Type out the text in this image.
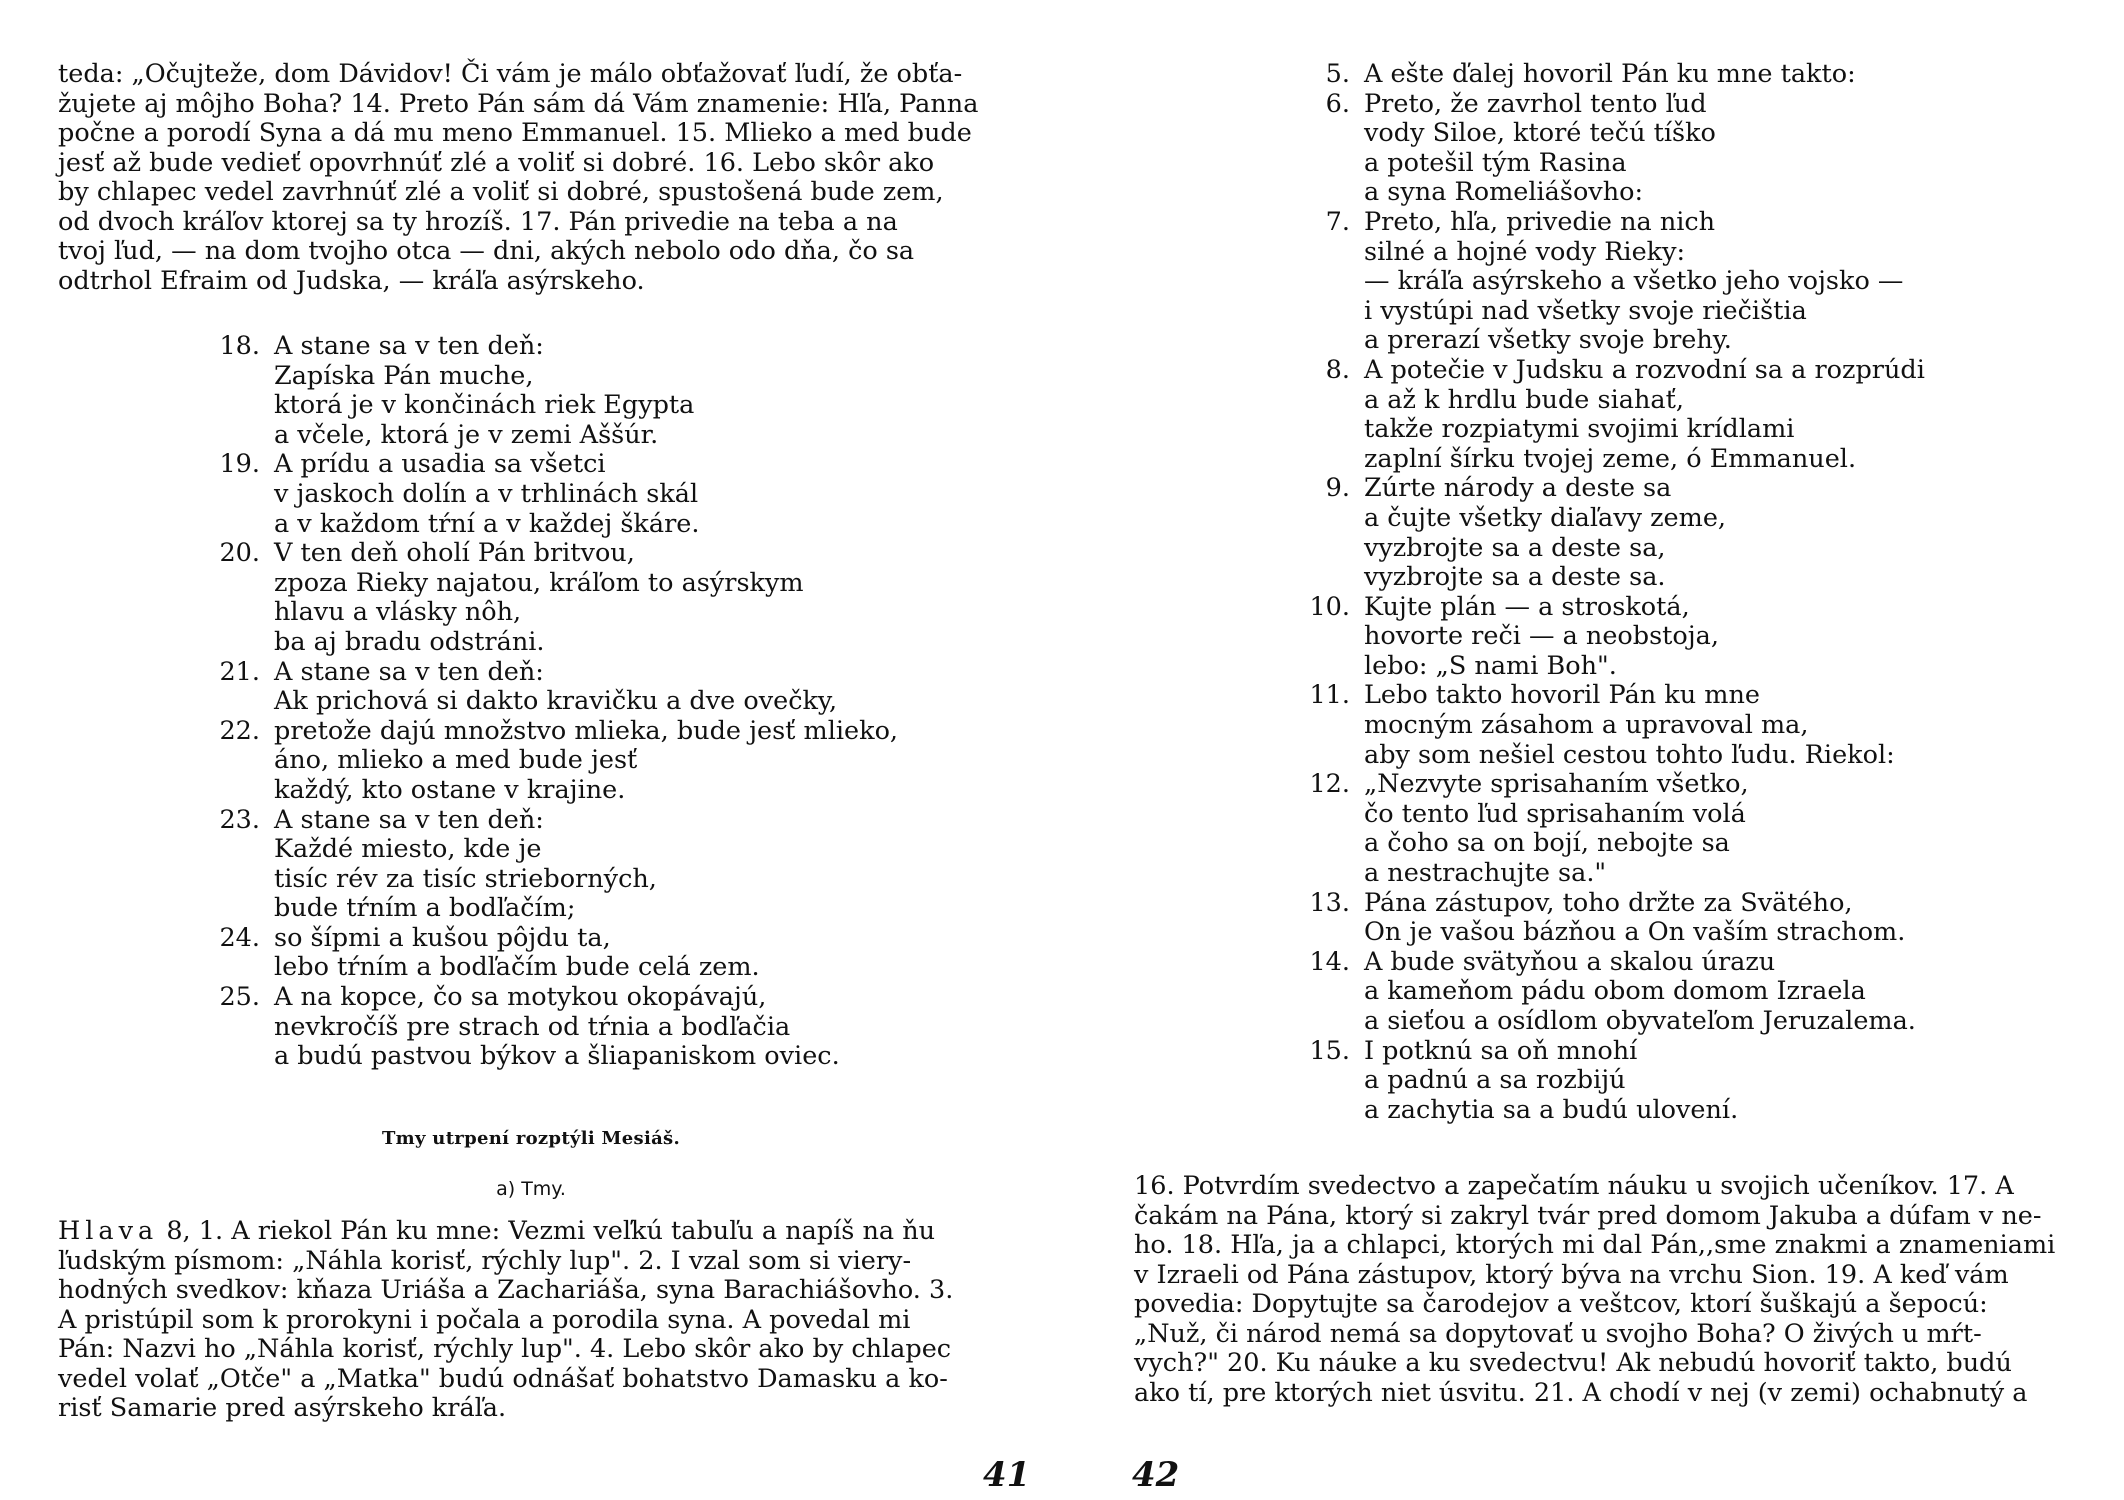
teda: „Očujteže, dom Dávidov! Či vám je málo obťažovať ľudí, že obťa-
žujete aj môjho Boha? 14. Preto Pán sám dá Vám znamenie: Hľa, Panna
počne a porodí Syna a dá mu meno Emmanuel. 15. Mlieko a med bude
jesť až bude vedieť opovrhnúť zlé a voliť si dobré. 16. Lebo skôr ako
by chlapec vedel zavrhnúť zlé a voliť si dobré, spustošená bude zem,
od dvoch kráľov ktorej sa ty hrozíš. 17. Pán privedie na teba a na
tvoj ľud, — na dom tvojho otca — dni, akých nebolo odo dňa, čo sa
odtrhol Efraim od Judska, — kráľa asýrskeho.
18. A stane sa v ten deň:
Zapíska Pán muche,
ktorá je v končinách riek Egypta
a včele, ktorá je v zemi Aššúr.
19. A prídu a usadia sa všetci
v jaskoch dolín a v trhlinách skál
a v každom tŕní a v každej škáre.
20. V ten deň oholí Pán britvou,
zpoza Rieky najatou, kráľom to asýrskym
hlavu a vlásky nôh,
ba aj bradu odstráni.
21. A stane sa v ten deň:
Ak prichová si dakto kravičku a dve ovečky,
22. pretože dajú množstvo mlieka, bude jesť mlieko,
áno, mlieko a med bude jesť
každý, kto ostane v krajine.
23. A stane sa v ten deň:
Každé miesto, kde je
tisíc rév za tisíc strieborných,
bude tŕním a bodľačím;
24. so šípmi a kušou pôjdu ta,
lebo tŕním a bodľačím bude celá zem.
25. A na kopce, čo sa motykou okopávajú,
nevkročíš pre strach od tŕnia a bodľačia
a budú pastvou býkov a šliapaniskom oviec.
Tmy utrpení rozptýli Mesiáš.
a) Tmy.
Hlava 8, 1. A riekol Pán ku mne: Vezmi veľkú tabuľu a napíš na ňu
ľudským písmom: „Náhla korisť, rýchly lup". 2. I vzal som si viery-
hodných svedkov: kňaza Uriáša a Zachariáša, syna Barachiášovho. 3.
A pristúpil som k prorokyni i počala a porodila syna. A povedal mi
Pán: Nazvi ho „Náhla korisť, rýchly lup". 4. Lebo skôr ako by chlapec
vedel volať „Otče" a „Matka" budú odnášať bohatstvo Damasku a ko-
risť Samarie pred asýrskeho kráľa.
41
5. A ešte ďalej hovoril Pán ku mne takto:
6. Preto, že zavrhol tento ľud
vody Siloe, ktoré tečú tíško
a potešil tým Rasina
a syna Romeliášovho:
7. Preto, hľa, privedie na nich
silné a hojné vody Rieky:
— kráľa asýrskeho a všetko jeho vojsko —
i vystúpi nad všetky svoje riečištia
a prerazí všetky svoje brehy.
8. A potečie v Judsku a rozvodní sa a rozprúdi
a až k hrdlu bude siahať,
takže rozpiatymi svojimi krídlami
zaplní šírku tvojej zeme, ó Emmanuel.
9. Zúrte národy a deste sa
a čujte všetky diaľavy zeme,
vyzbrojte sa a deste sa,
vyzbrojte sa a deste sa.
10. Kujte plán — a stroskotá,
hovorte reči — a neobstoja,
lebo: „S nami Boh".
11. Lebo takto hovoril Pán ku mne
mocným zásahom a upravoval ma,
aby som nešiel cestou tohto ľudu. Riekol:
12. „Nezvyte sprisahaním všetko,
čo tento ľud sprisahaním volá
a čoho sa on bojí, nebojte sa
a nestrachujte sa."
13. Pána zástupov, toho držte za Svätého,
On je vašou bázňou a On vaším strachom.
14. A bude svätyňou a skalou úrazu
a kameňom pádu obom domom Izraela
a sieťou a osídlom obyvateľom Jeruzalema.
15. I potknú sa oň mnohí
a padnú a sa rozbijú
a zachytia sa a budú ulovení.
16. Potvrdím svedectvo a zapečatím náuku u svojich učeníkov. 17. A
čakám na Pána, ktorý si zakryl tvár pred domom Jakuba a dúfam v ne-
ho. 18. Hľa, ja a chlapci, ktorých mi dal Pán,,sme znakmi a znameniami
v Izraeli od Pána zástupov, ktorý býva na vrchu Sion. 19. A keď vám
povedia: Dopytujte sa čarodejov a veštcov, ktorí šuškajú a šepocú:
„Nuž, či národ nemá sa dopytovať u svojho Boha? O živých u mŕt-
vych?" 20. Ku náuke a ku svedectvu! Ak nebudú hovoriť takto, budú
ako tí, pre ktorých niet úsvitu. 21. A chodí v nej (v zemi) ochabnutý a
42
